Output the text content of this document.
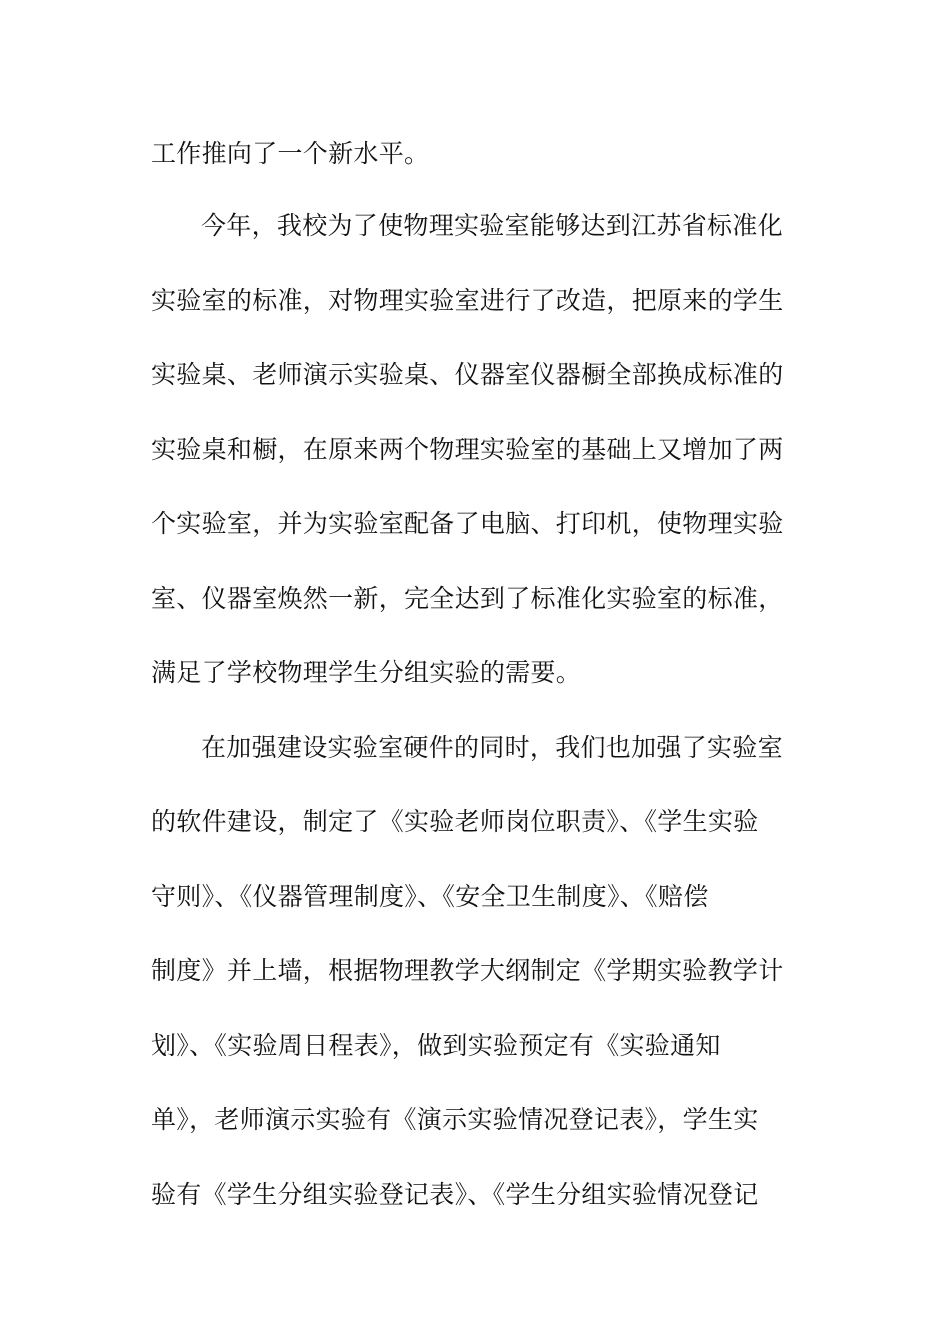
工作推向了一个新水平。
今年，我校为了使物理实验室能够达到江苏省标准化
实验室的标准，对物理实验室进行了改造，把原来的学生
实验桌、老师演示实验桌、仪器室仪器橱全部换成标准的
实验桌和橱，在原来两个物理实验室的基础上又增加了两
个实验室，并为实验室配备了电脑、打印机，使物理实验
室、仪器室焕然一新，完全达到了标准化实验室的标准，
满足了学校物理学生分组实验的需要。
在加强建设实验室硬件的同时，我们也加强了实验室
的软件建设，制定了《实验老师岗位职责》、《学生实验
守则》、《仪器管理制度》、《安全卫生制度》、《赔偿
制度》并上墙，根据物理教学大纲制定《学期实验教学计
划》、《实验周日程表》，做到实验预定有《实验通知
单》，老师演示实验有《演示实验情况登记表》，学生实
验有《学生分组实验登记表》、《学生分组实验情况登记
